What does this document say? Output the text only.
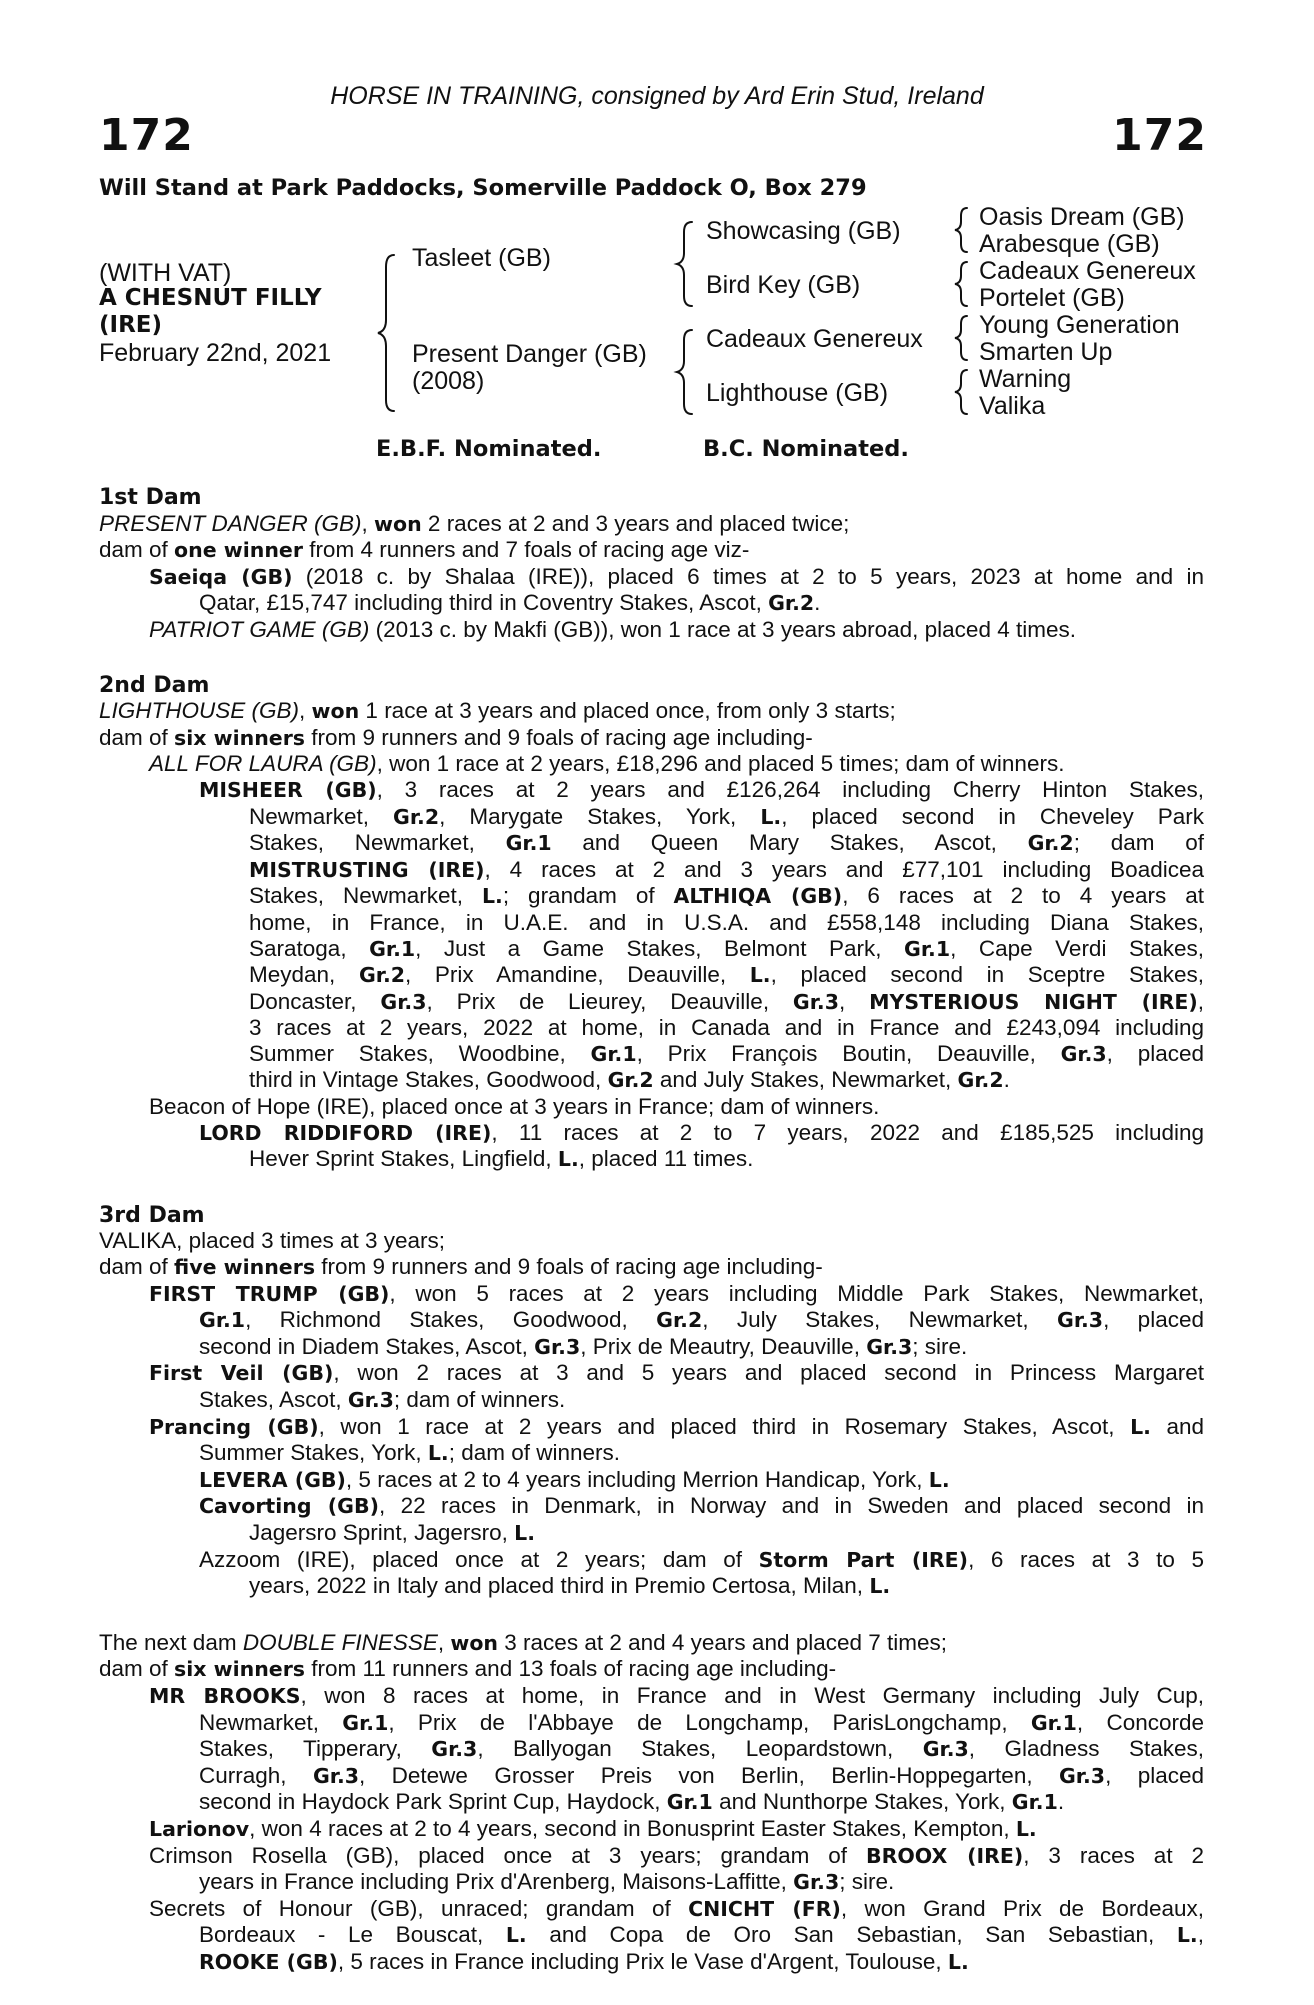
HORSE IN TRAINING, consigned by Ard Erin Stud, Ireland
172	172
Will Stand at Park Paddocks, Somerville Paddock O, Box 279
(WITH VAT)
A CHESNUT FILLY
(IRE)
February 22nd, 2021
Tasleet (GB)
Present Danger (GB)
(2008)
Showcasing (GB)
Bird Key (GB)
Cadeaux Genereux
Lighthouse (GB)
Oasis Dream (GB)
Arabesque (GB)
Cadeaux Genereux
Portelet (GB)
Young Generation
Smarten Up
Warning
Valika
E.B.F. Nominated.	B.C. Nominated.
1st Dam
PRESENT DANGER (GB), won 2 races at 2 and 3 years and placed twice;
dam of one winner from 4 runners and 7 foals of racing age viz-
Saeiqa (GB) (2018 c. by Shalaa (IRE)), placed 6 times at 2 to 5 years, 2023 at home and in
Qatar, £15,747 including third in Coventry Stakes, Ascot, Gr.2.
PATRIOT GAME (GB) (2013 c. by Makfi (GB)), won 1 race at 3 years abroad, placed 4 times.
2nd Dam
LIGHTHOUSE (GB), won 1 race at 3 years and placed once, from only 3 starts;
dam of six winners from 9 runners and 9 foals of racing age including-
ALL FOR LAURA (GB), won 1 race at 2 years, £18,296 and placed 5 times; dam of winners.
MISHEER (GB), 3 races at 2 years and £126,264 including Cherry Hinton Stakes,
Newmarket, Gr.2, Marygate Stakes, York, L., placed second in Cheveley Park
Stakes, Newmarket, Gr.1 and Queen Mary Stakes, Ascot, Gr.2; dam of
MISTRUSTING (IRE), 4 races at 2 and 3 years and £77,101 including Boadicea
Stakes, Newmarket, L.; grandam of ALTHIQA (GB), 6 races at 2 to 4 years at
home, in France, in U.A.E. and in U.S.A. and £558,148 including Diana Stakes,
Saratoga, Gr.1, Just a Game Stakes, Belmont Park, Gr.1, Cape Verdi Stakes,
Meydan, Gr.2, Prix Amandine, Deauville, L., placed second in Sceptre Stakes,
Doncaster, Gr.3, Prix de Lieurey, Deauville, Gr.3, MYSTERIOUS NIGHT (IRE),
3 races at 2 years, 2022 at home, in Canada and in France and £243,094 including
Summer Stakes, Woodbine, Gr.1, Prix François Boutin, Deauville, Gr.3, placed
third in Vintage Stakes, Goodwood, Gr.2 and July Stakes, Newmarket, Gr.2.
Beacon of Hope (IRE), placed once at 3 years in France; dam of winners.
LORD RIDDIFORD (IRE), 11 races at 2 to 7 years, 2022 and £185,525 including
Hever Sprint Stakes, Lingfield, L., placed 11 times.
3rd Dam
VALIKA, placed 3 times at 3 years;
dam of five winners from 9 runners and 9 foals of racing age including-
FIRST TRUMP (GB), won 5 races at 2 years including Middle Park Stakes, Newmarket,
Gr.1, Richmond Stakes, Goodwood, Gr.2, July Stakes, Newmarket, Gr.3, placed
second in Diadem Stakes, Ascot, Gr.3, Prix de Meautry, Deauville, Gr.3; sire.
First Veil (GB), won 2 races at 3 and 5 years and placed second in Princess Margaret
Stakes, Ascot, Gr.3; dam of winners.
Prancing (GB), won 1 race at 2 years and placed third in Rosemary Stakes, Ascot, L. and
Summer Stakes, York, L.; dam of winners.
LEVERA (GB), 5 races at 2 to 4 years including Merrion Handicap, York, L.
Cavorting (GB), 22 races in Denmark, in Norway and in Sweden and placed second in
Jagersro Sprint, Jagersro, L.
Azzoom (IRE), placed once at 2 years; dam of Storm Part (IRE), 6 races at 3 to 5
years, 2022 in Italy and placed third in Premio Certosa, Milan, L.
The next dam DOUBLE FINESSE, won 3 races at 2 and 4 years and placed 7 times;
dam of six winners from 11 runners and 13 foals of racing age including-
MR BROOKS, won 8 races at home, in France and in West Germany including July Cup,
Newmarket, Gr.1, Prix de l'Abbaye de Longchamp, ParisLongchamp, Gr.1, Concorde
Stakes, Tipperary, Gr.3, Ballyogan Stakes, Leopardstown, Gr.3, Gladness Stakes,
Curragh, Gr.3, Detewe Grosser Preis von Berlin, Berlin-Hoppegarten, Gr.3, placed
second in Haydock Park Sprint Cup, Haydock, Gr.1 and Nunthorpe Stakes, York, Gr.1.
Larionov, won 4 races at 2 to 4 years, second in Bonusprint Easter Stakes, Kempton, L.
Crimson Rosella (GB), placed once at 3 years; grandam of BROOX (IRE), 3 races at 2
years in France including Prix d'Arenberg, Maisons-Laffitte, Gr.3; sire.
Secrets of Honour (GB), unraced; grandam of CNICHT (FR), won Grand Prix de Bordeaux,
Bordeaux - Le Bouscat, L. and Copa de Oro San Sebastian, San Sebastian, L.,
ROOKE (GB), 5 races in France including Prix le Vase d'Argent, Toulouse, L.
